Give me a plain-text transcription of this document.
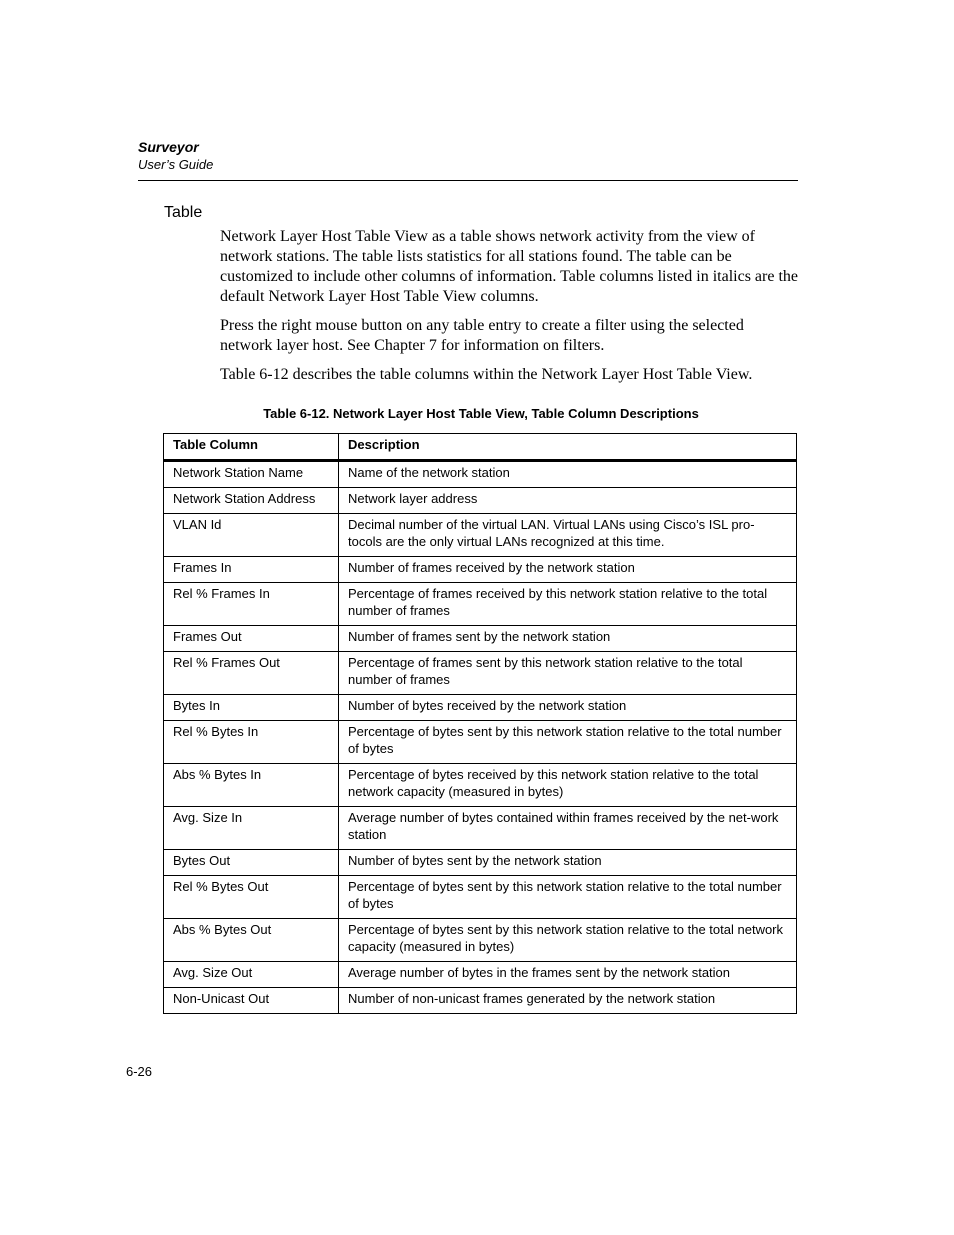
Surveyor
User’s Guide
Table

Network Layer Host Table View as a table shows network activity from the view of network stations. The table lists statistics for all stations found. The table can be customized to include other columns of information. Table columns listed in italics are the default Network Layer Host Table View columns.

Press the right mouse button on any table entry to create a filter using the selected network layer host. See Chapter 7 for information on filters.

Table 6-12 describes the table columns within the Network Layer Host Table View.

Table 6-12. Network Layer Host Table View, Table Column Descriptions
Table Column	Description
Network Station Name	Name of the network station
Network Station Address	Network layer address
VLAN Id	Decimal number of the virtual LAN. Virtual LANs using Cisco’s ISL pro-tocols are the only virtual LANs recognized at this time.
Frames In	Number of frames received by the network station
Rel % Frames In	Percentage of frames received by this network station relative to the total number of frames
Frames Out	Number of frames sent by the network station
Rel % Frames Out	Percentage of frames sent by this network station relative to the total number of frames
Bytes In	Number of bytes received by the network station
Rel % Bytes In	Percentage of bytes sent by this network station relative to the total number of bytes
Abs % Bytes In	Percentage of bytes received by this network station relative to the total network capacity (measured in bytes)
Avg. Size In	Average number of bytes contained within frames received by the net-work station
Bytes Out	Number of bytes sent by the network station
Rel % Bytes Out	Percentage of bytes sent by this network station relative to the total number of bytes
Abs % Bytes Out	Percentage of bytes sent by this network station relative to the total network capacity (measured in bytes)
Avg. Size Out	Average number of bytes in the frames sent by the network station
Non-Unicast Out	Number of non-unicast frames generated by the network station
6-26
